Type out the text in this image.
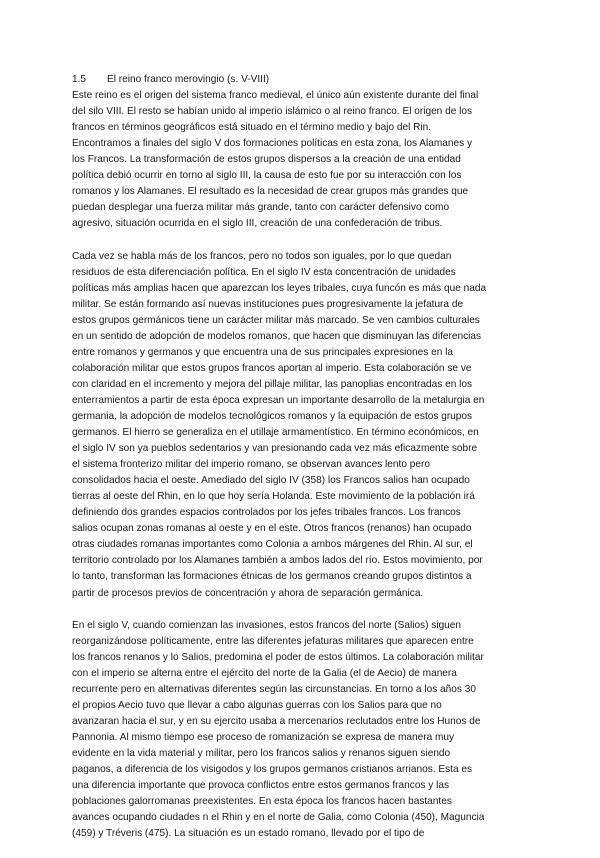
1.5 El reino franco merovingio (s. V-VIII)
Este reino es el origen del sistema franco medieval, el único aún existente durante del final
del silo VIII. El resto se habían unido al imperio islámico o al reino franco. El origen de los
francos en términos geográficos está situado en el término medio y bajo del Rin.
Encontramos a finales del siglo V dos formaciones políticas en esta zona, los Alamanes y
los Francos. La transformación de estos grupos dispersos a la creación de una entidad
política debió ocurrir en torno al siglo III, la causa de esto fue por su interacción con los
romanos y los Alamanes. El resultado es la necesidad de crear grupos más grandes que
puedan desplegar una fuerza militar más grande, tanto con carácter defensivo como
agresivo, situación ocurrida en el siglo III, creación de una confederación de tribus.
Cada vez se habla más de los francos, pero no todos son iguales, por lo que quedan
residuos de esta diferenciación política. En el siglo IV esta concentración de unidades
políticas más amplias hacen que aparezcan los leyes tribales, cuya funcón es más que nada
militar. Se están formando así nuevas instituciones pues progresivamente la jefatura de
estos grupos germánicos tiene un carácter militar más marcado. Se ven cambios culturales
en un sentido de adopción de modelos romanos, que hacen que disminuyan las diferencias
entre romanos y germanos y que encuentra una de sus principales expresiones en la
colaboración militar que estos grupos francos aportan al imperio. Esta colaboración se ve
con claridad en el incremento y mejora del pillaje militar, las panoplias encontradas en los
enterramientos a partir de esta época expresan un importante desarrollo de la metalurgia en
germania, la adopción de modelos tecnológicos romanos y la equipación de estos grupos
germanos. El hierro se generaliza en el utillaje armamentístico. En término económicos, en
el siglo IV son ya pueblos sedentarios y van presionando cada vez más eficazmente sobre
el sistema fronterizo militar del imperio romano, se observan avances lento pero
consolidados hacia el oeste. Amediado del siglo IV (358) los Francos salios han ocupado
tierras al oeste del Rhin, en lo que hoy sería Holanda. Este movimiento de la población irá
definiendo dos grandes espacios controlados por los jefes tribales francos. Los francos
salios ocupan zonas romanas al oeste y en el este. Otros francos (renanos) han ocupado
otras ciudades romanas importantes como Colonia a ambos márgenes del Rhin. Al sur, el
territorio controlado por los Alamanes también a ambos lados del río. Estos movimiento, por
lo tanto, transforman las formaciones étnicas de los germanos creando grupos distintos a
partir de procesos previos de concentración y ahora de separación germánica.
En el siglo V, cuando comienzan las invasiones, estos francos del norte (Salios) siguen
reorganizándose políticamente, entre las diferentes jefaturas militares que aparecen entre
los francos renanos y lo Salios, predomina el poder de estos últimos. La colaboración militar
con el imperio se alterna entre el ejército del norte de la Galia (el de Aecio) de manera
recurrente pero en alternativas diferentes según las circunstancias. En torno a los años 30
el propios Aecio tuvo que llevar a cabo algunas guerras con los Salios para que no
avanzaran hacia el sur, y en su ejercito usaba a mercenarios reclutados entre los Hunos de
Pannonia. Al mismo tiempo ese proceso de romanización se expresa de manera muy
evidente en la vida material y militar, pero los francos salios y renanos siguen siendo
paganos, a diferencia de los visigodos y los grupos germanos cristianos arrianos. Esta es
una diferencia importante que provoca conflictos entre estos germanos francos y las
poblaciones galorromanas preexistentes. En esta época los francos hacen bastantes
avances ocupando ciudades n el Rhin y en el norte de Galia, como Colonia (450), Maguncia
(459) y Tréveris (475). La situación es un estado romano, llevado por el tipo de
